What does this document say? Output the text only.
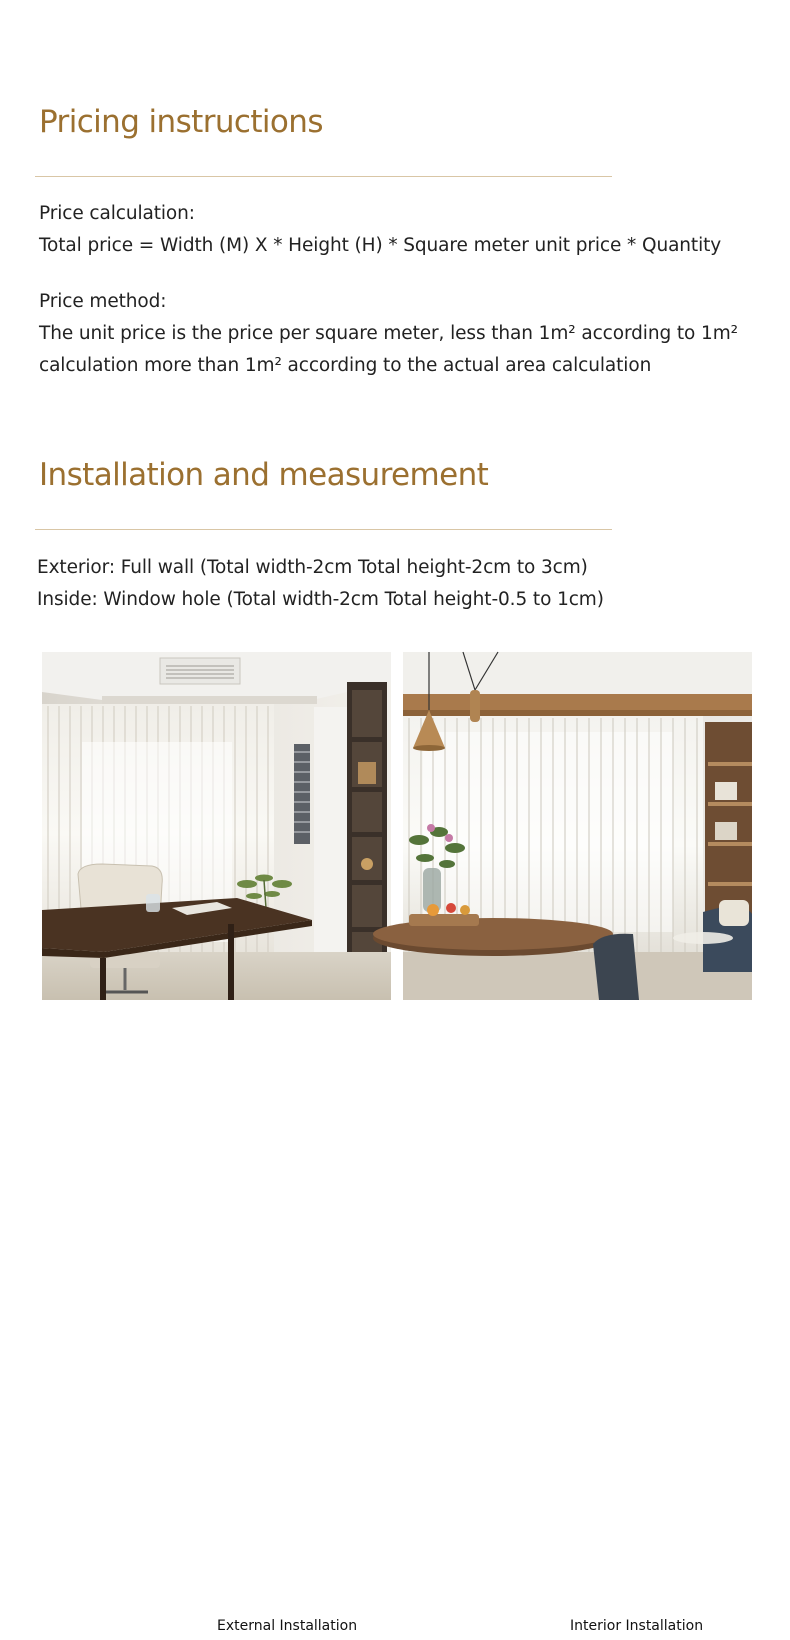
Pricing instructions
Price calculation:
Total price = Width (M) X * Height (H) * Square meter unit price * Quantity
Price method:
The unit price is the price per square meter, less than 1m² according to 1m²
calculation more than 1m² according to the actual area calculation
Installation and measurement
Exterior: Full wall (Total width-2cm Total height-2cm to 3cm)
Inside: Window hole (Total width-2cm Total height-0.5 to 1cm)
External Installation	Interior Installation
